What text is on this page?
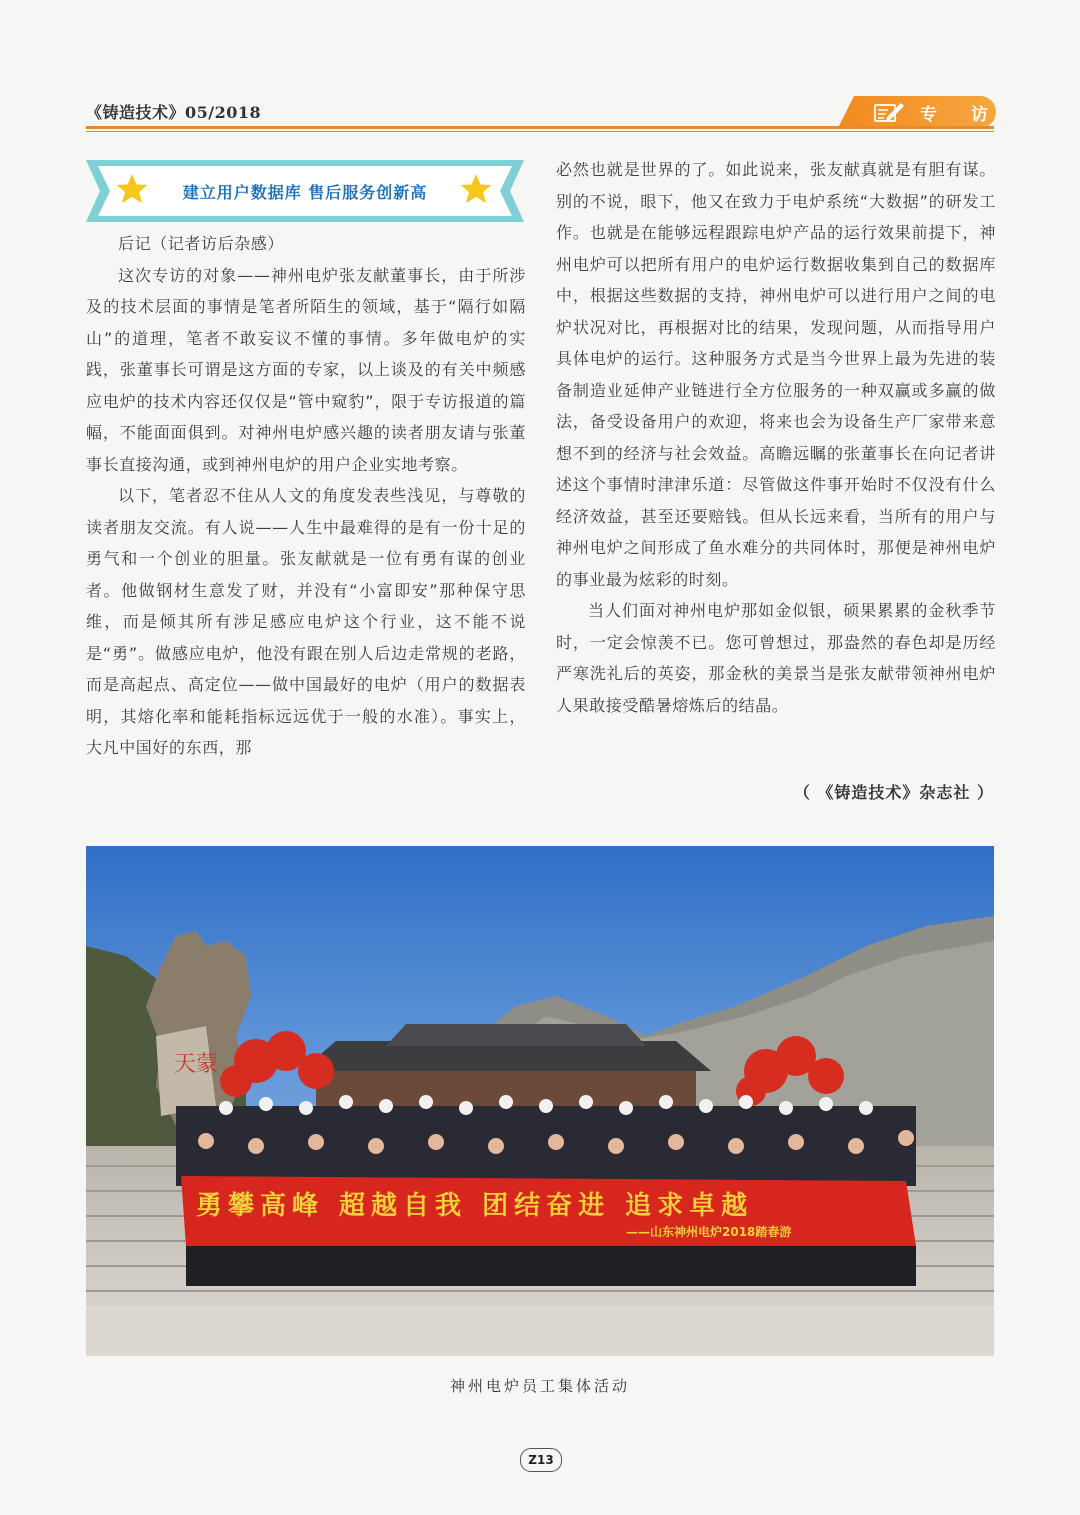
《铸造技术》05/2018	专 访
建立用户数据库 售后服务创新高

后记（记者访后杂感）

这次专访的对象——神州电炉张友献董事长，由于所涉及的技术层面的事情是笔者所陌生的领域，基于“隔行如隔山”的道理，笔者不敢妄议不懂的事情。多年做电炉的实践，张董事长可谓是这方面的专家，以上谈及的有关中频感应电炉的技术内容还仅仅是“管中窥豹”，限于专访报道的篇幅，不能面面俱到。对神州电炉感兴趣的读者朋友请与张董事长直接沟通，或到神州电炉的用户企业实地考察。

以下，笔者忍不住从人文的角度发表些浅见，与尊敬的读者朋友交流。有人说——人生中最难得的是有一份十足的勇气和一个创业的胆量。张友献就是一位有勇有谋的创业者。他做钢材生意发了财，并没有“小富即安”那种保守思维，而是倾其所有涉足感应电炉这个行业，这不能不说是“勇”。做感应电炉，他没有跟在别人后边走常规的老路，而是高起点、高定位——做中国最好的电炉（用户的数据表明，其熔化率和能耗指标远远优于一般的水准）。事实上，大凡中国好的东西，那

必然也就是世界的了。如此说来，张友献真就是有胆有谋。别的不说，眼下，他又在致力于电炉系统“大数据”的研发工作。也就是在能够远程跟踪电炉产品的运行效果前提下，神州电炉可以把所有用户的电炉运行数据收集到自己的数据库中，根据这些数据的支持，神州电炉可以进行用户之间的电炉状况对比，再根据对比的结果，发现问题，从而指导用户具体电炉的运行。这种服务方式是当今世界上最为先进的装备制造业延伸产业链进行全方位服务的一种双赢或多赢的做法，备受设备用户的欢迎，将来也会为设备生产厂家带来意想不到的经济与社会效益。高瞻远瞩的张董事长在向记者讲述这个事情时津津乐道：尽管做这件事开始时不仅没有什么经济效益，甚至还要赔钱。但从长远来看，当所有的用户与神州电炉之间形成了鱼水难分的共同体时，那便是神州电炉的事业最为炫彩的时刻。

当人们面对神州电炉那如金似银，硕果累累的金秋季节时，一定会惊羡不已。您可曾想过，那盎然的春色却是历经严寒洗礼后的英姿，那金秋的美景当是张友献带领神州电炉人果敢接受酷暑熔炼后的结晶。

（ 《铸造技术》杂志社 ）
天蒙
勇攀高峰 超越自我 团结奋进 追求卓越
——山东神州电炉2018踏春游
神州电炉员工集体活动
Z13
